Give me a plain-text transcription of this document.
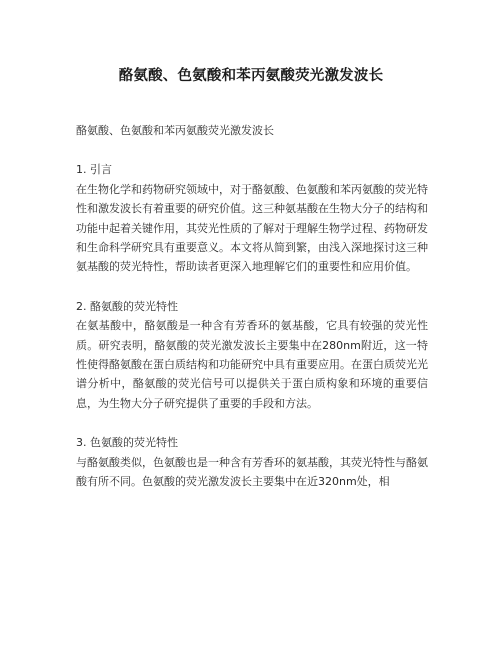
酪氨酸、色氨酸和苯丙氨酸荧光激发波长

酪氨酸、色氨酸和苯丙氨酸荧光激发波长

1. 引言

在生物化学和药物研究领域中，对于酪氨酸、色氨酸和苯丙氨酸的荧光特性和激发波长有着重要的研究价值。这三种氨基酸在生物大分子的结构和功能中起着关键作用，其荧光性质的了解对于理解生物学过程、药物研发和生命科学研究具有重要意义。本文将从简到繁，由浅入深地探讨这三种氨基酸的荧光特性，帮助读者更深入地理解它们的重要性和应用价值。

2. 酪氨酸的荧光特性

在氨基酸中，酪氨酸是一种含有芳香环的氨基酸，它具有较强的荧光性质。研究表明，酪氨酸的荧光激发波长主要集中在280nm附近，这一特性使得酪氨酸在蛋白质结构和功能研究中具有重要应用。在蛋白质荧光光谱分析中，酪氨酸的荧光信号可以提供关于蛋白质构象和环境的重要信息，为生物大分子研究提供了重要的手段和方法。

3. 色氨酸的荧光特性

与酪氨酸类似，色氨酸也是一种含有芳香环的氨基酸，其荧光特性与酪氨酸有所不同。色氨酸的荧光激发波长主要集中在近320nm处，相
